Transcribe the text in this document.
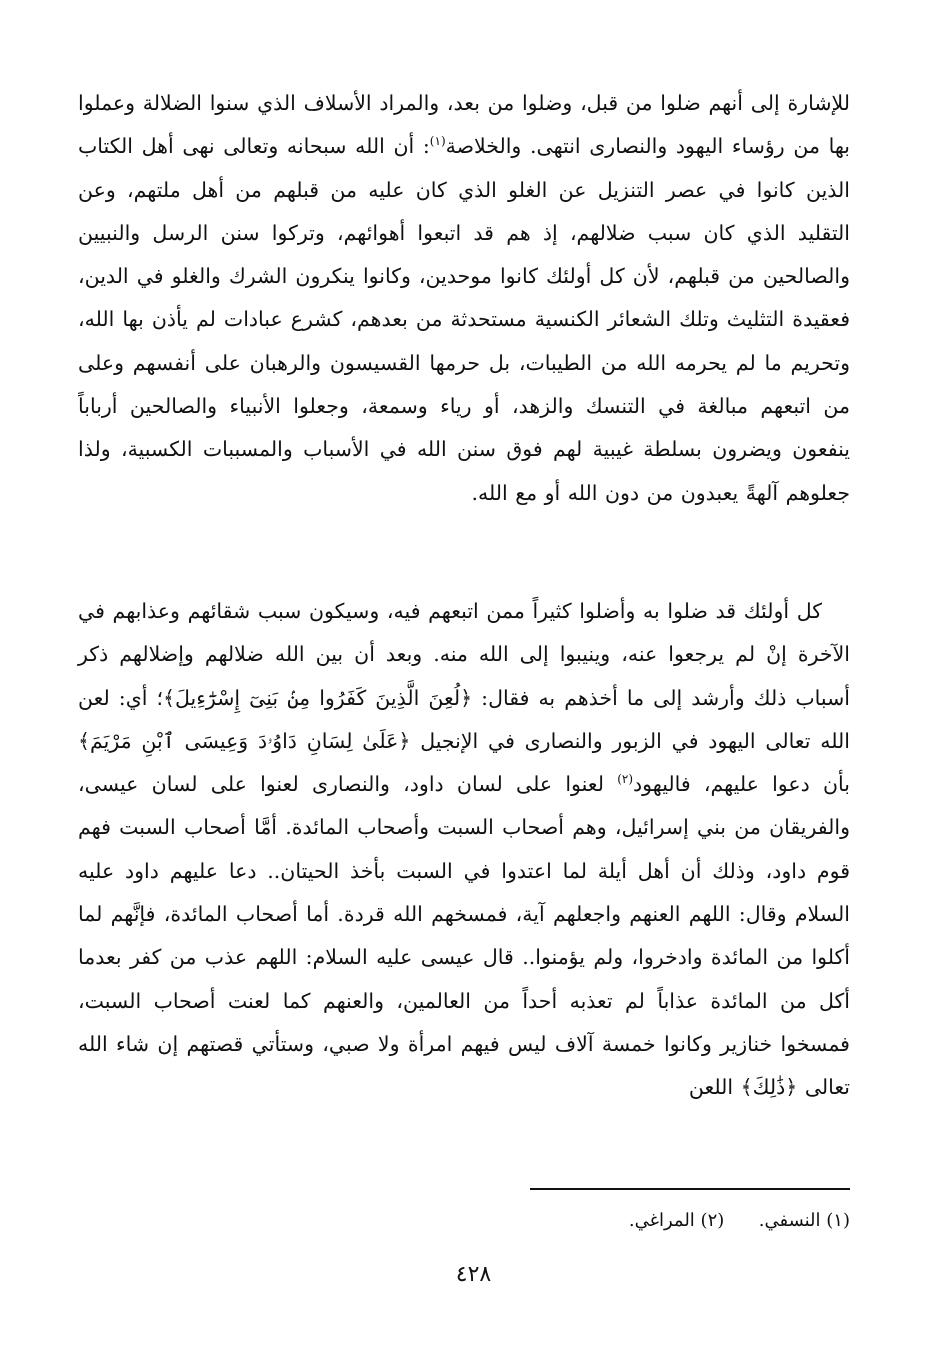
للإشارة إلى أنهم ضلوا من قبل، وضلوا من بعد، والمراد الأسلاف الذي سنوا الضلالة وعملوا بها من رؤساء اليهود والنصارى انتهى. والخلاصة$^{(١)}$: أن الله سبحانه وتعالى نهى أهل الكتاب الذين كانوا في عصر التنزيل عن الغلو الذي كان عليه من قبلهم من أهل ملتهم، وعن التقليد الذي كان سبب ضلالهم، إذ هم قد اتبعوا أهوائهم، وتركوا سنن الرسل والنبيين والصالحين من قبلهم، لأن كل أولئك كانوا موحدين، وكانوا ينكرون الشرك والغلو في الدين، فعقيدة التثليث وتلك الشعائر الكنسية مستحدثة من بعدهم، كشرع عبادات لم يأذن بها الله، وتحريم ما لم يحرمه الله من الطيبات، بل حرمها القسيسون والرهبان على أنفسهم وعلى من اتبعهم مبالغة في التنسك والزهد، أو رياء وسمعة، وجعلوا الأنبياء والصالحين أرباباً ينفعون ويضرون بسلطة غيبية لهم فوق سنن الله في الأسباب والمسببات الكسبية، ولذا جعلوهم آلهةً يعبدون من دون الله أو مع الله.

كل أولئك قد ضلوا به وأضلوا كثيراً ممن اتبعهم فيه، وسيكون سبب شقائهم وعذابهم في الآخرة إنْ لم يرجعوا عنه، وينيبوا إلى الله منه. وبعد أن بين الله ضلالهم وإضلالهم ذكر أسباب ذلك وأرشد إلى ما أخذهم به فقال: ﴿لُعِنَ الَّذِينَ كَفَرُوا مِنۢ بَنِىٓ إِسْرَٰٓءِيلَ﴾؛ أي: لعن الله تعالى اليهود في الزبور والنصارى في الإنجيل ﴿عَلَىٰ لِسَانِ دَاوُۥدَ وَعِيسَى ٱبْنِ مَرْيَمَ﴾ بأن دعوا عليهم، فاليهود$^{(٢)}$ لعنوا على لسان داود، والنصارى لعنوا على لسان عيسى، والفريقان من بني إسرائيل، وهم أصحاب السبت وأصحاب المائدة. أمَّا أصحاب السبت فهم قوم داود، وذلك أن أهل أيلة لما اعتدوا في السبت بأخذ الحيتان.. دعا عليهم داود عليه السلام وقال: اللهم العنهم واجعلهم آية، فمسخهم الله قردة. أما أصحاب المائدة، فإنَّهم لما أكلوا من المائدة وادخروا، ولم يؤمنوا.. قال عيسى عليه السلام: اللهم عذب من كفر بعدما أكل من المائدة عذاباً لم تعذبه أحداً من العالمين، والعنهم كما لعنت أصحاب السبت، فمسخوا خنازير وكانوا خمسة آلاف ليس فيهم امرأة ولا صبي، وستأتي قصتهم إن شاء الله تعالى ﴿ذَٰلِكَ﴾ اللعن

(١) النسفي. (٢) المراغي.
٤٢٨
